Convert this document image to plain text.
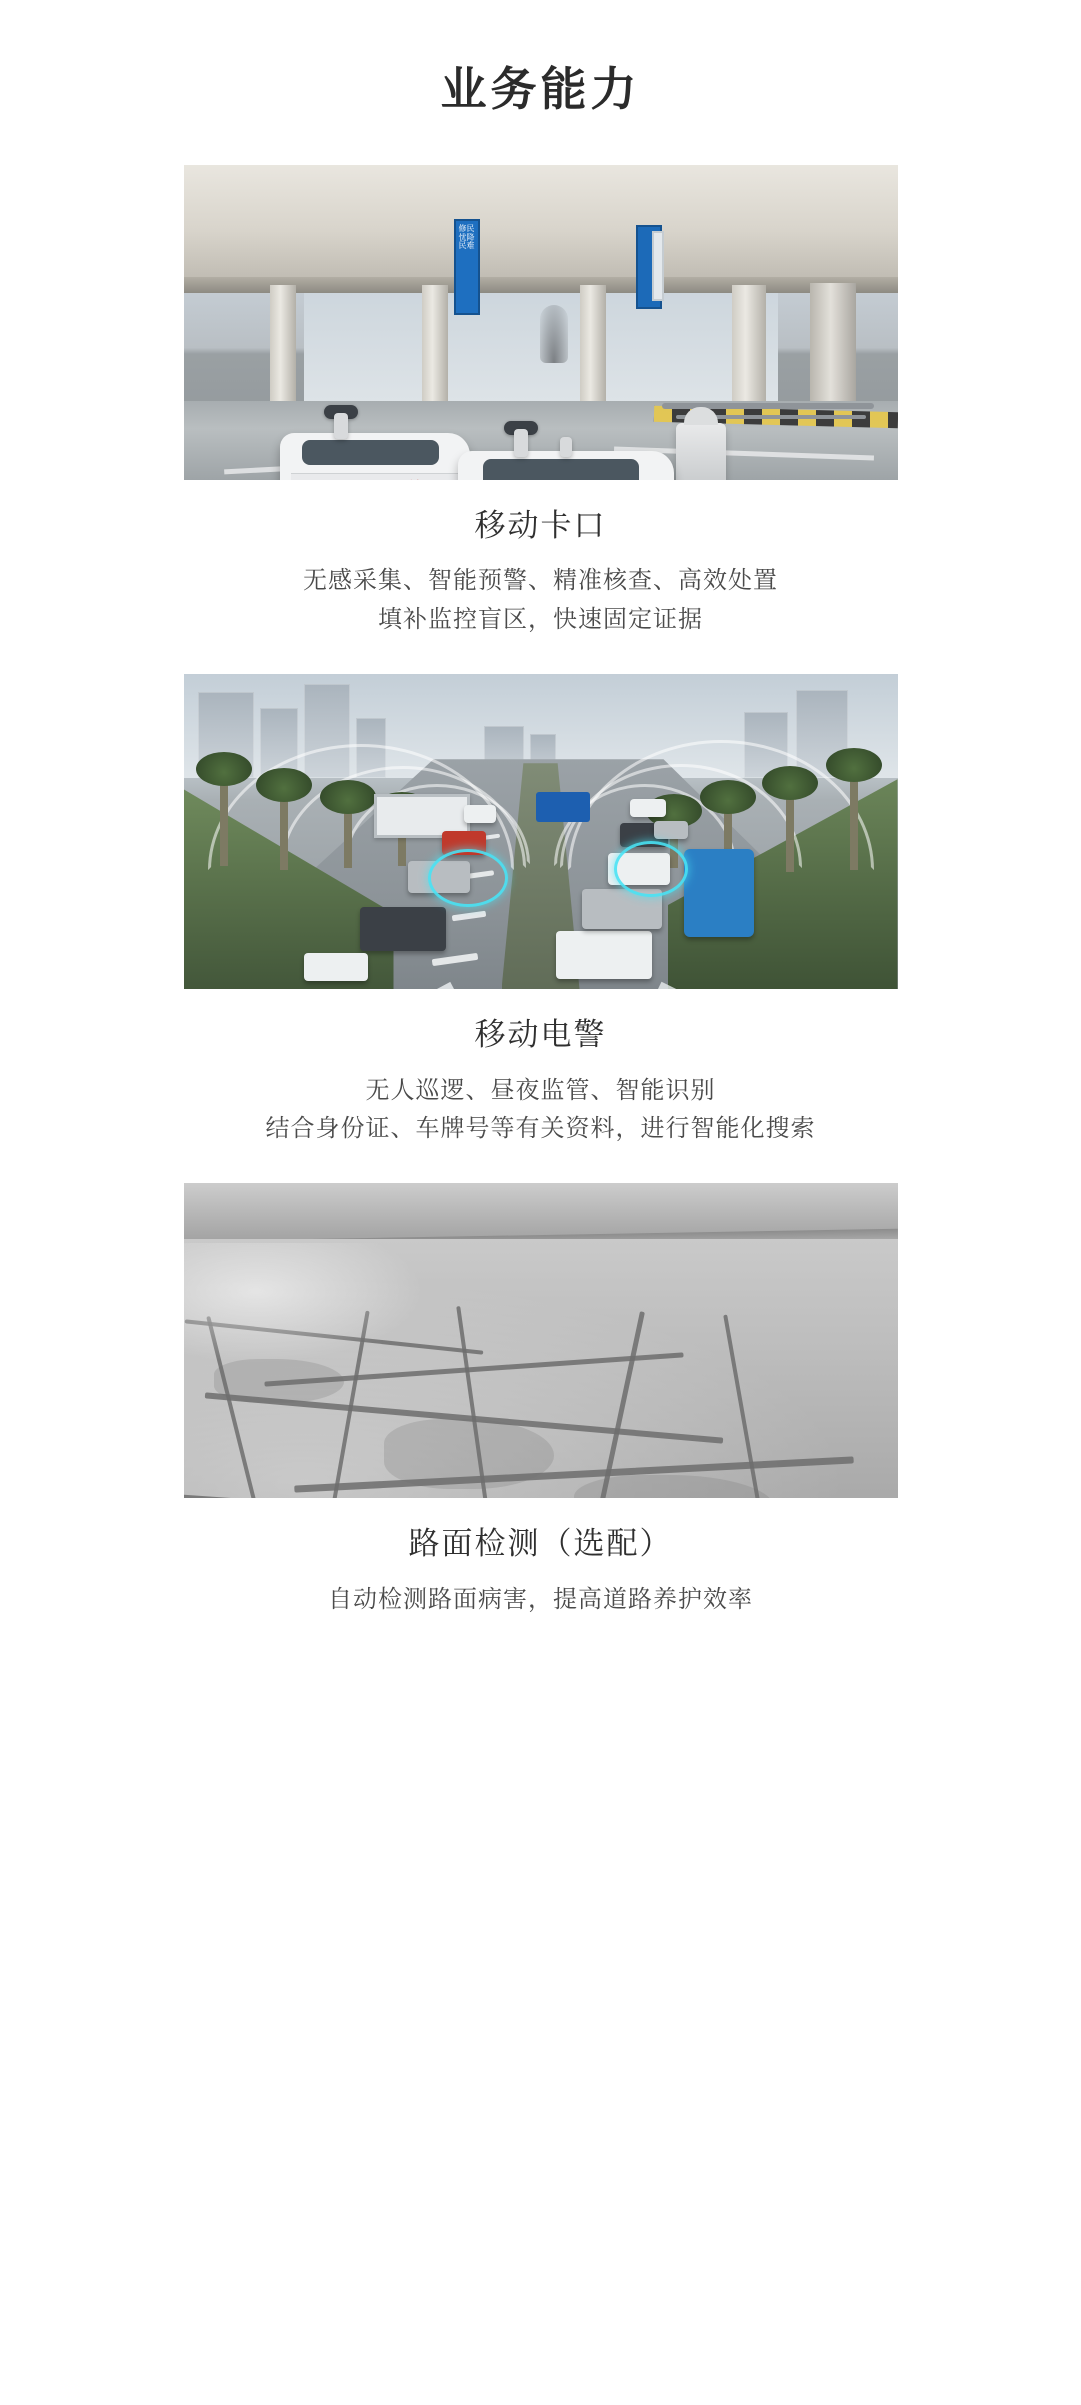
业务能力
修民忧降民难
移动卡口
无感采集、智能预警、精准核查、高效处置
填补监控盲区，快速固定证据
移动电警
无人巡逻、昼夜监管、智能识别
结合身份证、车牌号等有关资料，进行智能化搜索
路面检测（选配）
自动检测路面病害，提高道路养护效率
